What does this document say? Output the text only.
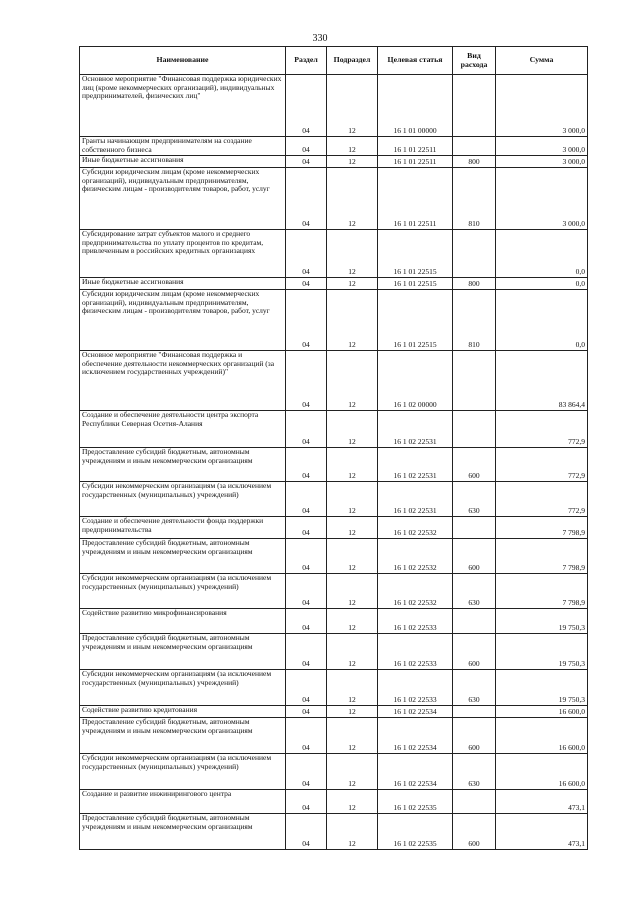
330
Наименование	Раздел	Подраздел	Целевая статья	Вид расхода	Сумма
Основное мероприятие "Финансовая поддержка юридических лиц (кроме некоммерческих организаций), индивидуальных предпринимателей, физических лиц"	04	12	16 1 01 00000		3 000,0
Гранты начинающим предпринимателям на создание собственного бизнеса	04	12	16 1 01 22511		3 000,0
Иные бюджетные ассигнования	04	12	16 1 01 22511	800	3 000,0
Субсидии юридическим лицам (кроме некоммерческих организаций), индивидуальным предпринимателям, физическим лицам - производителям товаров, работ, услуг	04	12	16 1 01 22511	810	3 000,0
Субсидирование затрат субъектов малого и среднего предпринимательства по уплату процентов по кредитам, привлеченным в российских кредитных организациях	04	12	16 1 01 22515		0,0
Иные бюджетные ассигнования	04	12	16 1 01 22515	800	0,0
Субсидии юридическим лицам (кроме некоммерческих организаций), индивидуальным предпринимателям, физическим лицам - производителям товаров, работ, услуг	04	12	16 1 01 22515	810	0,0
Основное мероприятие "Финансовая поддержка и обеспечение деятельности некоммерческих организаций (за исключением государственных учреждений)"	04	12	16 1 02 00000		83 864,4
Создание и обеспечение деятельности центра экспорта Республики Северная Осетия-Алания	04	12	16 1 02 22531		772,9
Предоставление субсидий бюджетным, автономным учреждениям и иным некоммерческим организациям	04	12	16 1 02 22531	600	772,9
Субсидии некоммерческим организациям (за исключением государственных (муниципальных) учреждений)	04	12	16 1 02 22531	630	772,9
Создание и обеспечение деятельности фонда поддержки предпринимательства	04	12	16 1 02 22532		7 798,9
Предоставление субсидий бюджетным, автономным учреждениям и иным некоммерческим организациям	04	12	16 1 02 22532	600	7 798,9
Субсидии некоммерческим организациям (за исключением государственных (муниципальных) учреждений)	04	12	16 1 02 22532	630	7 798,9
Содействие развитию микрофинансирования	04	12	16 1 02 22533		19 750,3
Предоставление субсидий бюджетным, автономным учреждениям и иным некоммерческим организациям	04	12	16 1 02 22533	600	19 750,3
Субсидии некоммерческим организациям (за исключением государственных (муниципальных) учреждений)	04	12	16 1 02 22533	630	19 750,3
Содействие развитию кредитования	04	12	16 1 02 22534		16 600,0
Предоставление субсидий бюджетным, автономным учреждениям и иным некоммерческим организациям	04	12	16 1 02 22534	600	16 600,0
Субсидии некоммерческим организациям (за исключением государственных (муниципальных) учреждений)	04	12	16 1 02 22534	630	16 600,0
Создание и развитие инжинирингового центра	04	12	16 1 02 22535		473,1
Предоставление субсидий бюджетным, автономным учреждениям и иным некоммерческим организациям	04	12	16 1 02 22535	600	473,1
